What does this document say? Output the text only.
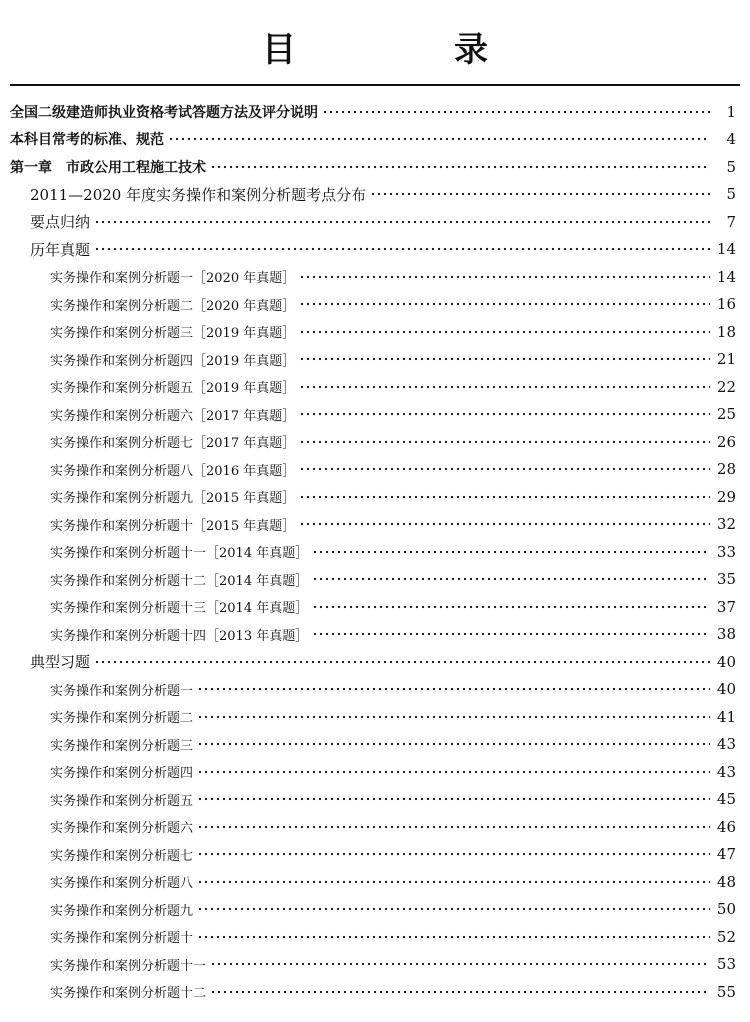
目　录
全国二级建造师执业资格考试答题方法及评分说明	1
本科目常考的标准、规范	4
第一章　市政公用工程施工技术	5
2011—2020 年度实务操作和案例分析题考点分布	5
要点归纳	7
历年真题	14
实务操作和案例分析题一［2020 年真题］	14
实务操作和案例分析题二［2020 年真题］	16
实务操作和案例分析题三［2019 年真题］	18
实务操作和案例分析题四［2019 年真题］	21
实务操作和案例分析题五［2019 年真题］	22
实务操作和案例分析题六［2017 年真题］	25
实务操作和案例分析题七［2017 年真题］	26
实务操作和案例分析题八［2016 年真题］	28
实务操作和案例分析题九［2015 年真题］	29
实务操作和案例分析题十［2015 年真题］	32
实务操作和案例分析题十一［2014 年真题］	33
实务操作和案例分析题十二［2014 年真题］	35
实务操作和案例分析题十三［2014 年真题］	37
实务操作和案例分析题十四［2013 年真题］	38
典型习题	40
实务操作和案例分析题一	40
实务操作和案例分析题二	41
实务操作和案例分析题三	43
实务操作和案例分析题四	43
实务操作和案例分析题五	45
实务操作和案例分析题六	46
实务操作和案例分析题七	47
实务操作和案例分析题八	48
实务操作和案例分析题九	50
实务操作和案例分析题十	52
实务操作和案例分析题十一	53
实务操作和案例分析题十二	55
